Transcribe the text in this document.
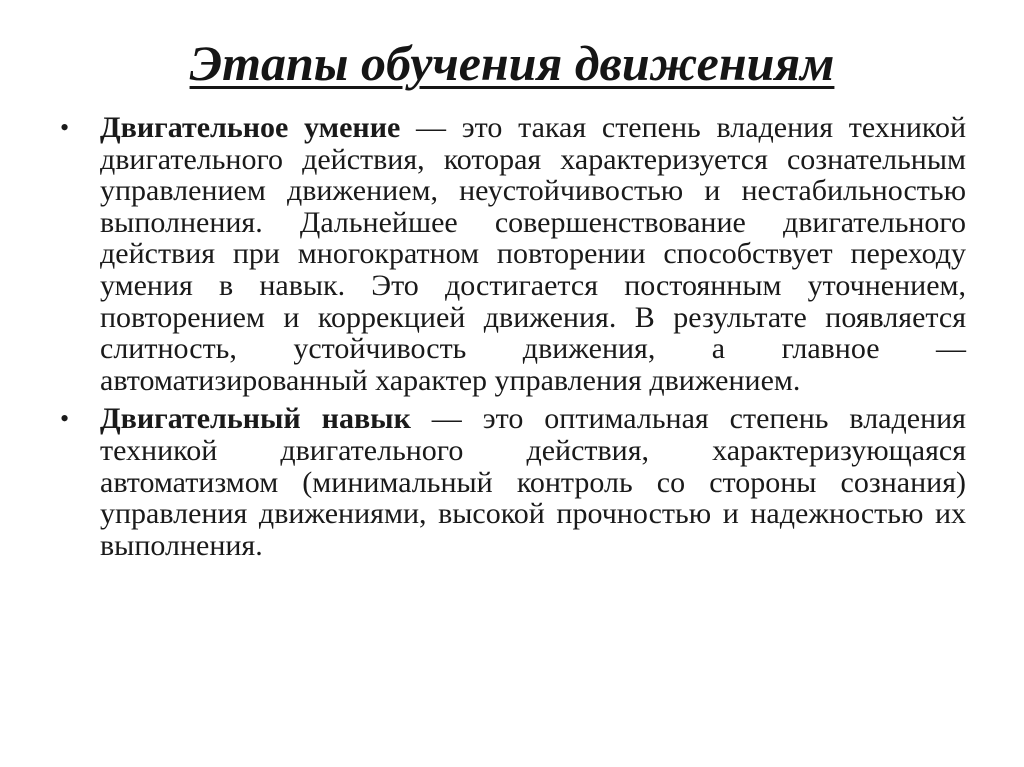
Этапы обучения движениям
•	Двигательное умение — это такая степень владения техникой двигательного действия, которая характеризуется сознательным управлением движением, неустойчивостью и нестабильностью выполнения. Дальнейшее совершенствование двигательного действия при многократном повторении способствует переходу умения в навык. Это достигается постоянным уточнением, повторением и коррекцией движения. В результате появляется слитность, устойчивость движения, а главное — автоматизированный характер управления движением.
•	Двигательный навык — это оптимальная степень владения техникой двигательного действия, характеризующаяся автоматизмом (минимальный контроль со стороны сознания) управления движениями, высокой прочностью и надежностью их выполнения.
